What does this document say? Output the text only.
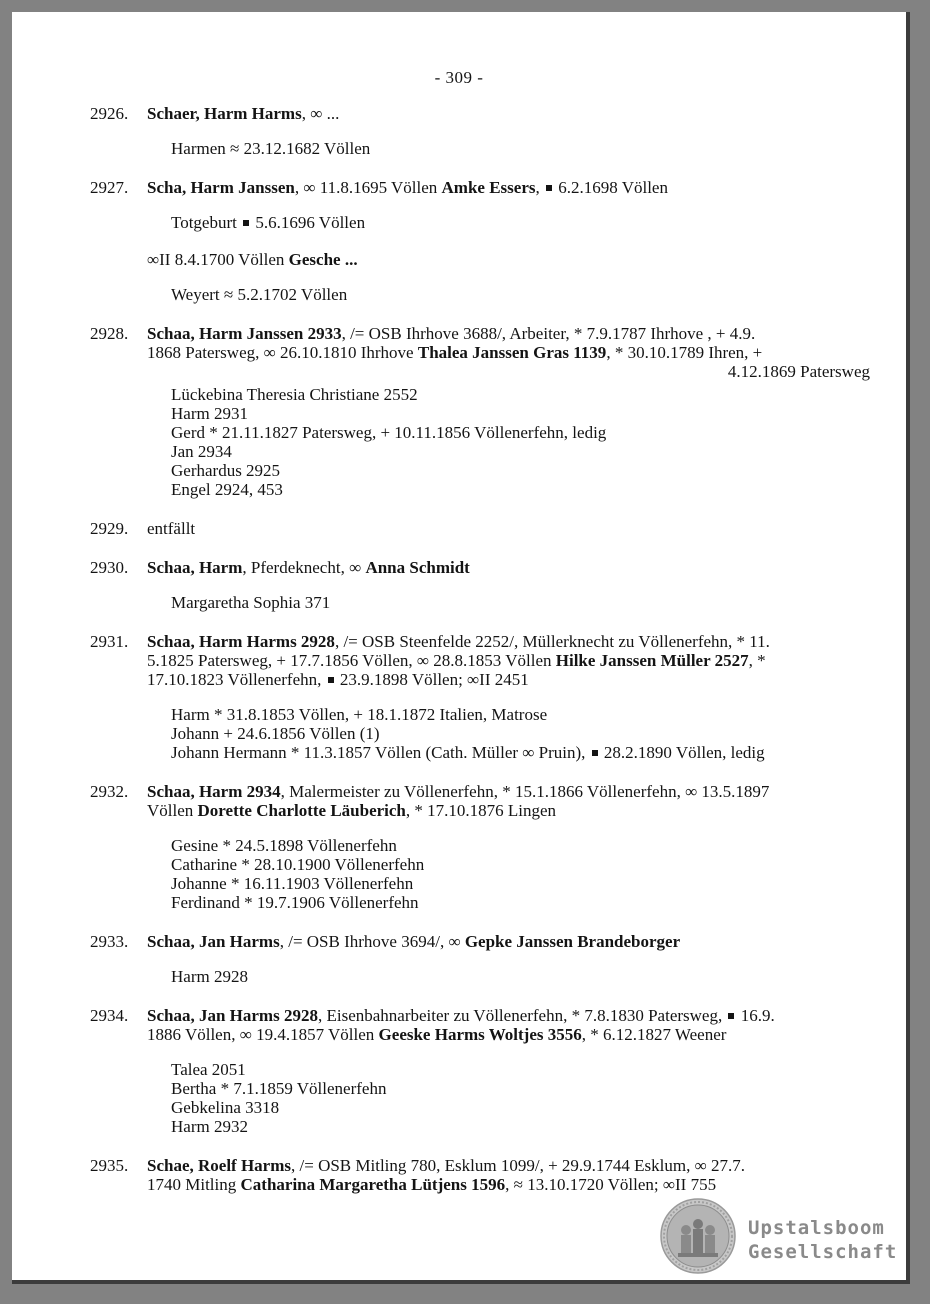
- 309 -
2926. Schaer, Harm Harms, ∞ ...
Harmen ≈ 23.12.1682 Völlen
2927. Scha, Harm Janssen, ∞ 11.8.1695 Völlen Amke Essers,  6.2.1698 Völlen
Totgeburt 5.6.1696 Völlen
∞II 8.4.1700 Völlen Gesche ...
Weyert ≈ 5.2.1702 Völlen
2928. Schaa, Harm Janssen 2933, /= OSB Ihrhove 3688/, Arbeiter, * 7.9.1787 Ihrhove , + 4.9.
1868 Patersweg, ∞ 26.10.1810 Ihrhove Thalea Janssen Gras 1139, * 30.10.1789 Ihren, +
4.12.1869 Patersweg
Lückebina Theresia Christiane 2552
Harm 2931
Gerd * 21.11.1827 Patersweg, + 10.11.1856 Völlenerfehn, ledig
Jan 2934
Gerhardus 2925
Engel 2924, 453
2929. entfällt
2930. Schaa, Harm, Pferdeknecht, ∞ Anna Schmidt
Margaretha Sophia 371
2931. Schaa, Harm Harms 2928, /= OSB Steenfelde 2252/, Müllerknecht zu Völlenerfehn, * 11.
5.1825 Patersweg, + 17.7.1856 Völlen, ∞ 28.8.1853 Völlen Hilke Janssen Müller 2527, *
17.10.1823 Völlenerfehn,  23.9.1898 Völlen; ∞II 2451
Harm * 31.8.1853 Völlen, + 18.1.1872 Italien, Matrose
Johann + 24.6.1856 Völlen (1)
Johann Hermann * 11.3.1857 Völlen (Cath. Müller ∞ Pruin),  28.2.1890 Völlen, ledig
2932. Schaa, Harm 2934, Malermeister zu Völlenerfehn, * 15.1.1866 Völlenerfehn, ∞ 13.5.1897
Völlen Dorette Charlotte Läuberich, * 17.10.1876 Lingen
Gesine * 24.5.1898 Völlenerfehn
Catharine * 28.10.1900 Völlenerfehn
Johanne * 16.11.1903 Völlenerfehn
Ferdinand * 19.7.1906 Völlenerfehn
2933. Schaa, Jan Harms, /= OSB Ihrhove 3694/, ∞ Gepke Janssen Brandeborger
Harm 2928
2934. Schaa, Jan Harms 2928, Eisenbahnarbeiter zu Völlenerfehn, * 7.8.1830 Patersweg,  16.9.
1886 Völlen, ∞ 19.4.1857 Völlen Geeske Harms Woltjes 3556, * 6.12.1827 Weener
Talea 2051
Bertha * 7.1.1859 Völlenerfehn
Gebkelina 3318
Harm 2932
2935. Schae, Roelf Harms, /= OSB Mitling 780, Esklum 1099/, + 29.9.1744 Esklum, ∞ 27.7.
1740 Mitling Catharina Margaretha Lütjens 1596, ≈ 13.10.1720 Völlen; ∞II 755
Upstalsboom
Gesellschaft
